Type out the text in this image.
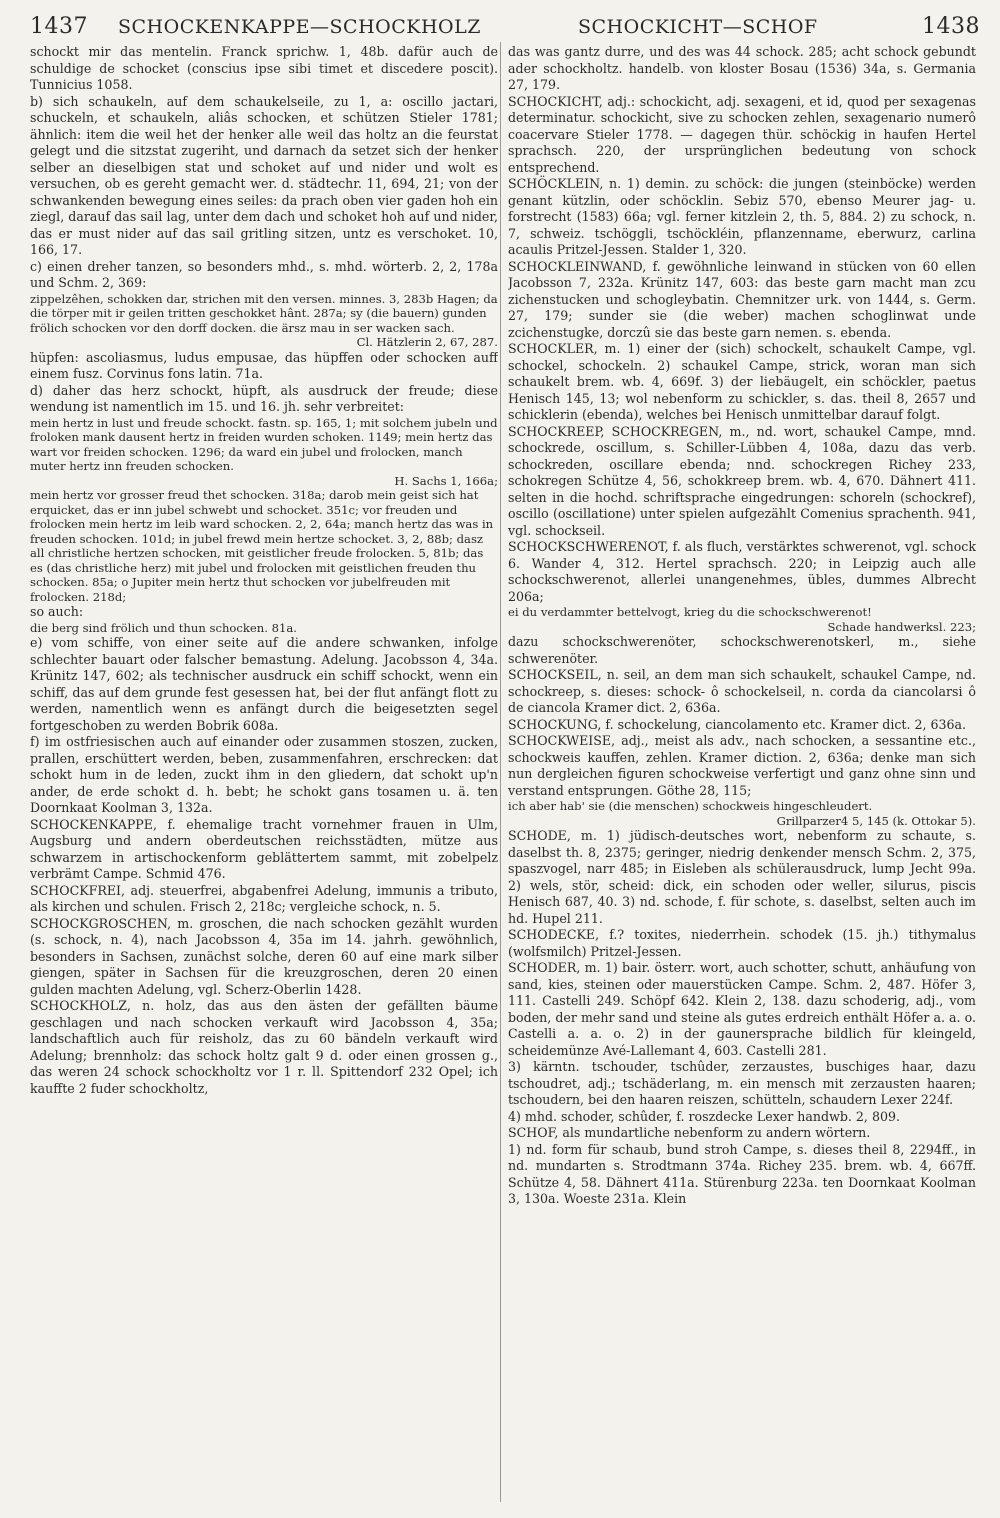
1437 SCHOCKENKAPPE—SCHOCKHOLZ	SCHOCKICHT—SCHOF	1438

schockt mir das mentelin. Franck sprichw. 1, 48b. dafür auch de schuldige de schocket (conscius ipse sibi timet et discedere poscit). Tunnicius 1058.

b) sich schaukeln, auf dem schaukelseile, zu 1, a: oscillo jactari, schuckeln, et schaukeln, aliâs schocken, et schützen Stieler 1781; ähnlich: item die weil het der henker alle weil das holtz an die feurstat gelegt und die sitzstat zugeriht, und darnach da setzet sich der henker selber an dieselbigen stat und schoket auf und nider und wolt es versuchen, ob es gereht gemacht wer. d. städtechr. 11, 694, 21; von der schwankenden bewegung eines seiles: da prach oben vier gaden hoh ein ziegl, darauf das sail lag, unter dem dach und schoket hoh auf und nider, das er must nider auf das sail gritling sitzen, untz es verschoket. 10, 166, 17.

c) einen dreher tanzen, so besonders mhd., s. mhd. wörterb. 2, 2, 178a und Schm. 2, 369:

zippelzêhen, schokken dar, strichen mit den versen. minnes. 3, 283b Hagen; da die törper mit ir geilen tritten geschokket hânt. 287a; sy (die bauern) gunden frölich schocken vor den dorff docken. die ärsz mau in ser wacken sach.

Cl. Hätzlerin 2, 67, 287.

hüpfen: ascoliasmus, ludus empusae, das hüpffen oder schocken auff einem fusz. Corvinus fons latin. 71a.

d) daher das herz schockt, hüpft, als ausdruck der freude; diese wendung ist namentlich im 15. und 16. jh. sehr verbreitet:

mein hertz in lust und freude schockt. fastn. sp. 165, 1; mit solchem jubeln und froloken mank dausent hertz in freiden wurden schoken. 1149; mein hertz das wart vor freiden schocken. 1296; da ward ein jubel und frolocken, manch muter hertz inn freuden schocken.

H. Sachs 1, 166a;

mein hertz vor grosser freud thet schocken. 318a; darob mein geist sich hat erquicket, das er inn jubel schwebt und schocket. 351c; vor freuden und frolocken mein hertz im leib ward schocken. 2, 2, 64a; manch hertz das was in freuden schocken. 101d; in jubel frewd mein hertze schocket. 3, 2, 88b; dasz all christliche hertzen schocken, mit geistlicher freude frolocken. 5, 81b; das es (das christliche herz) mit jubel und frolocken mit geistlichen freuden thu schocken. 85a; o Jupiter mein hertz thut schocken vor jubelfreuden mit frolocken. 218d;

so auch:

die berg sind frölich und thun schocken. 81a.

e) vom schiffe, von einer seite auf die andere schwanken, infolge schlechter bauart oder falscher bemastung. Adelung. Jacobsson 4, 34a. Krünitz 147, 602; als technischer ausdruck ein schiff schockt, wenn ein schiff, das auf dem grunde fest gesessen hat, bei der flut anfängt flott zu werden, namentlich wenn es anfängt durch die beigesetzten segel fortgeschoben zu werden Bobrik 608a.

f) im ostfriesischen auch auf einander oder zusammen stoszen, zucken, prallen, erschüttert werden, beben, zusammenfahren, erschrecken: dat schokt hum in de leden, zuckt ihm in den gliedern, dat schokt up'n ander, de erde schokt d. h. bebt; he schokt gans tosamen u. ä. ten Doornkaat Koolman 3, 132a.

SCHOCKENKAPPE, f. ehemalige tracht vornehmer frauen in Ulm, Augsburg und andern oberdeutschen reichsstädten, mütze aus schwarzem in artischockenform geblättertem sammt, mit zobelpelz verbrämt Campe. Schmid 476.

SCHOCKFREI, adj. steuerfrei, abgabenfrei Adelung, immunis a tributo, als kirchen und schulen. Frisch 2, 218c; vergleiche schock, n. 5.

SCHOCKGROSCHEN, m. groschen, die nach schocken gezählt wurden (s. schock, n. 4), nach Jacobsson 4, 35a im 14. jahrh. gewöhnlich, besonders in Sachsen, zunächst solche, deren 60 auf eine mark silber giengen, später in Sachsen für die kreuzgroschen, deren 20 einen gulden machten Adelung, vgl. Scherz-Oberlin 1428.

SCHOCKHOLZ, n. holz, das aus den ästen der gefällten bäume geschlagen und nach schocken verkauft wird Jacobsson 4, 35a; landschaftlich auch für reisholz, das zu 60 bändeln verkauft wird Adelung; brennholz: das schock holtz galt 9 d. oder einen grossen g., das weren 24 schock schockholtz vor 1 r. ll. Spittendorf 232 Opel; ich kauffte 2 fuder schockholtz,

das was gantz durre, und des was 44 schock. 285; acht schock gebundt ader schockholtz. handelb. von kloster Bosau (1536) 34a, s. Germania 27, 179.

SCHOCKICHT, adj.: schockicht, adj. sexageni, et id, quod per sexagenas determinatur. schockicht, sive zu schocken zehlen, sexagenario numerô coacervare Stieler 1778. — dagegen thür. schöckig in haufen Hertel sprachsch. 220, der ursprünglichen bedeutung von schock entsprechend.

SCHÖCKLEIN, n. 1) demin. zu schöck: die jungen (steinböcke) werden genant kützlin, oder schöcklin. Sebiz 570, ebenso Meurer jag- u. forstrecht (1583) 66a; vgl. ferner kitzlein 2, th. 5, 884. 2) zu schock, n. 7, schweiz. tschöggli, tschöckléin, pflanzenname, eberwurz, carlina acaulis Pritzel-Jessen. Stalder 1, 320.

SCHOCKLEINWAND, f. gewöhnliche leinwand in stücken von 60 ellen Jacobsson 7, 232a. Krünitz 147, 603: das beste garn macht man zcu zichenstucken und schogleybatin. Chemnitzer urk. von 1444, s. Germ. 27, 179; sunder sie (die weber) machen schoglinwat unde zcichenstugke, dorczû sie das beste garn nemen. s. ebenda.

SCHOCKLER, m. 1) einer der (sich) schockelt, schaukelt Campe, vgl. schockel, schockeln. 2) schaukel Campe, strick, woran man sich schaukelt brem. wb. 4, 669f. 3) der liebäugelt, ein schöckler, paetus Henisch 145, 13; wol nebenform zu schickler, s. das. theil 8, 2657 und schicklerin (ebenda), welches bei Henisch unmittelbar darauf folgt.

SCHOCKREEP, SCHOCKREGEN, m., nd. wort, schaukel Campe, mnd. schockrede, oscillum, s. Schiller-Lübben 4, 108a, dazu das verb. schockreden, oscillare ebenda; nnd. schockregen Richey 233, schokregen Schütze 4, 56, schokkreep brem. wb. 4, 670. Dähnert 411. selten in die hochd. schriftsprache eingedrungen: schoreln (schockref), oscillo (oscillatione) unter spielen aufgezählt Comenius sprachenth. 941, vgl. schockseil.

SCHOCKSCHWERENOT, f. als fluch, verstärktes schwerenot, vgl. schock 6. Wander 4, 312. Hertel sprachsch. 220; in Leipzig auch alle schockschwerenot, allerlei unangenehmes, übles, dummes Albrecht 206a;

ei du verdammter bettelvogt, krieg du die schockschwerenot!

Schade handwerksl. 223;

dazu schockschwerenöter, schockschwerenotskerl, m., siehe schwerenöter.

SCHOCKSEIL, n. seil, an dem man sich schaukelt, schaukel Campe, nd. schockreep, s. dieses: schock- ô schockelseil, n. corda da ciancolarsi ô de ciancola Kramer dict. 2, 636a.

SCHOCKUNG, f. schockelung, ciancolamento etc. Kramer dict. 2, 636a.

SCHOCKWEISE, adj., meist als adv., nach schocken, a sessantine etc., schockweis kauffen, zehlen. Kramer diction. 2, 636a; denke man sich nun dergleichen figuren schockweise verfertigt und ganz ohne sinn und verstand entsprungen. Göthe 28, 115;

ich aber hab' sie (die menschen) schockweis hingeschleudert.

Grillparzer4 5, 145 (k. Ottokar 5).

SCHODE, m. 1) jüdisch-deutsches wort, nebenform zu schaute, s. daselbst th. 8, 2375; geringer, niedrig denkender mensch Schm. 2, 375, spaszvogel, narr 485; in Eisleben als schülerausdruck, lump Jecht 99a. 2) wels, stör, scheid: dick, ein schoden oder weller, silurus, piscis Henisch 687, 40. 3) nd. schode, f. für schote, s. daselbst, selten auch im hd. Hupel 211.

SCHODECKE, f.? toxites, niederrhein. schodek (15. jh.) tithymalus (wolfsmilch) Pritzel-Jessen.

SCHODER, m. 1) bair. österr. wort, auch schotter, schutt, anhäufung von sand, kies, steinen oder mauerstücken Campe. Schm. 2, 487. Höfer 3, 111. Castelli 249. Schöpf 642. Klein 2, 138. dazu schoderig, adj., vom boden, der mehr sand und steine als gutes erdreich enthält Höfer a. a. o. Castelli a. a. o. 2) in der gaunersprache bildlich für kleingeld, scheidemünze Avé-Lallemant 4, 603. Castelli 281.

3) kärntn. tschouder, tschûder, zerzaustes, buschiges haar, dazu tschoudret, adj.; tschäderlang, m. ein mensch mit zerzausten haaren; tschoudern, bei den haaren reiszen, schütteln, schaudern Lexer 224f.

4) mhd. schoder, schûder, f. roszdecke Lexer handwb. 2, 809.

SCHOF, als mundartliche nebenform zu andern wörtern.

1) nd. form für schaub, bund stroh Campe, s. dieses theil 8, 2294ff., in nd. mundarten s. Strodtmann 374a. Richey 235. brem. wb. 4, 667ff. Schütze 4, 58. Dähnert 411a. Stürenburg 223a. ten Doornkaat Koolman 3, 130a. Woeste 231a. Klein
